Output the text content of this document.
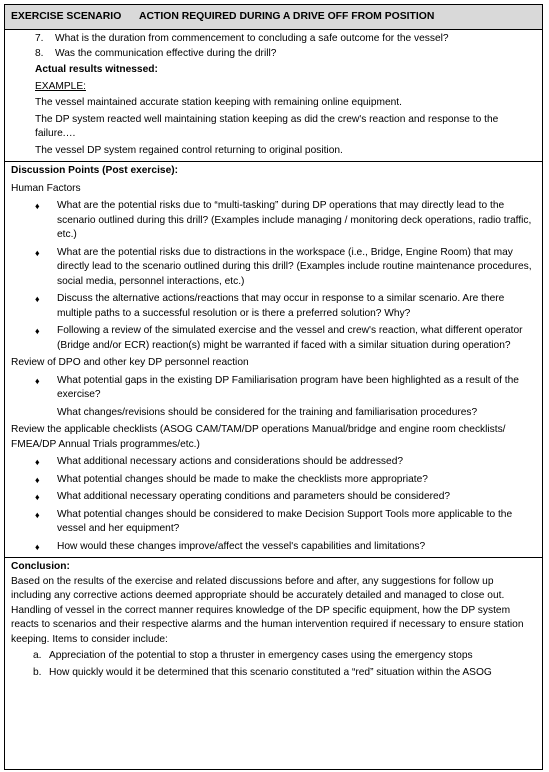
EXERCISE SCENARIO	ACTION REQUIRED DURING A DRIVE OFF FROM POSITION
7.	What is the duration from commencement to concluding a safe outcome for the vessel?
8.	Was the communication effective during the drill?

Actual results witnessed:

EXAMPLE:

The vessel maintained accurate station keeping with remaining online equipment.

The DP system reacted well maintaining station keeping as did the crew's reaction and response to the failure.…

The vessel DP system regained control returning to original position.

Discussion Points (Post exercise):

Human Factors

♦	What are the potential risks due to “multi-tasking” during DP operations that may directly lead to the scenario outlined during this drill? (Examples include managing / monitoring deck operations, radio traffic, etc.)
♦	What are the potential risks due to distractions in the workspace (i.e., Bridge, Engine Room) that may directly lead to the scenario outlined during this drill? (Examples include routine maintenance procedures, social media, personnel interactions, etc.)
♦	Discuss the alternative actions/reactions that may occur in response to a similar scenario. Are there multiple paths to a successful resolution or is there a preferred solution? Why?
♦	Following a review of the simulated exercise and the vessel and crew's reaction, what different operator (Bridge and/or ECR) reaction(s) might be warranted if faced with a similar situation during operation?

Review of DPO and other key DP personnel reaction

♦	What potential gaps in the existing DP Familiarisation program have been highlighted as a result of the exercise?

What changes/revisions should be considered for the training and familiarisation procedures?

Review the applicable checklists (ASOG CAM/TAM/DP operations Manual/bridge and engine room checklists/ FMEA/DP Annual Trials programmes/etc.)

♦	What additional necessary actions and considerations should be addressed?
♦	What potential changes should be made to make the checklists more appropriate?
♦	What additional necessary operating conditions and parameters should be considered?
♦	What potential changes should be considered to make Decision Support Tools more applicable to the vessel and her equipment?
♦	How would these changes improve/affect the vessel's capabilities and limitations?

Conclusion:

Based on the results of the exercise and related discussions before and after, any suggestions for follow up including any corrective actions deemed appropriate should be accurately detailed and managed to close out.

Handling of vessel in the correct manner requires knowledge of the DP specific equipment, how the DP system reacts to scenarios and their respective alarms and the human intervention required if necessary to ensure station keeping. Items to consider include:

a. Appreciation of the potential to stop a thruster in emergency cases using the emergency stops
b. How quickly would it be determined that this scenario constituted a “red” situation within the ASOG
